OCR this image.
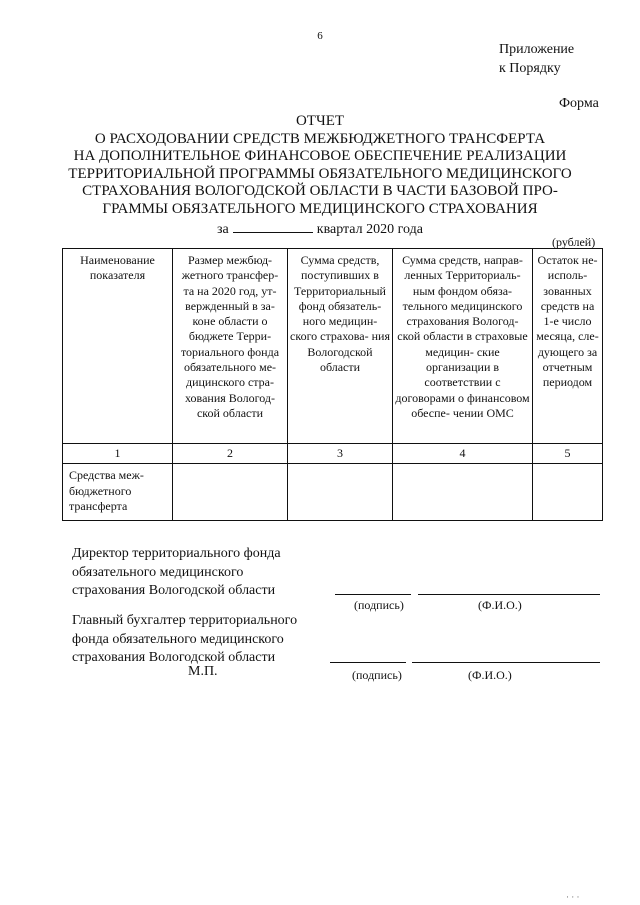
6
Приложение
к Порядку
Форма
ОТЧЕТ
О РАСХОДОВАНИИ СРЕДСТВ МЕЖБЮДЖЕТНОГО ТРАНСФЕРТА
НА ДОПОЛНИТЕЛЬНОЕ ФИНАНСОВОЕ ОБЕСПЕЧЕНИЕ РЕАЛИЗАЦИИ
ТЕРРИТОРИАЛЬНОЙ ПРОГРАММЫ ОБЯЗАТЕЛЬНОГО МЕДИЦИНСКОГО
СТРАХОВАНИЯ ВОЛОГОДСКОЙ ОБЛАСТИ В ЧАСТИ БАЗОВОЙ ПРО-
ГРАММЫ ОБЯЗАТЕЛЬНОГО МЕДИЦИНСКОГО СТРАХОВАНИЯ
за	квартал 2020 года
(рублей)
Наименование показателя	Размер межбюд- жетного трансфер- та на 2020 год, ут- вержденный в за- коне области о бюджете Терри- ториального фонда обязательного ме- дицинского стра- хования Вологод- ской области	Сумма средств, поступивших в Территориальный фонд обязатель- ного медицин- ского страхова- ния Вологодской области	Сумма средств, направ- ленных Территориаль- ным фондом обяза- тельного медицинского страхования Вологод- ской области в страховые медицин- ские организации в соответствии с договорами о финансовом обеспе- чении ОМС	Остаток не- исполь- зованных средств на 1-е число месяца, сле- дующего за отчетным периодом
1	2	3	4	5
Средства меж- бюджетного трансферта				
Директор территориального фонда
обязательного медицинского
страхования Вологодской области
(подпись)	(Ф.И.О.)
Главный бухгалтер территориального
фонда обязательного медицинского
страхования Вологодской области
(подпись)	(Ф.И.О.)
М.П.
· · ·
